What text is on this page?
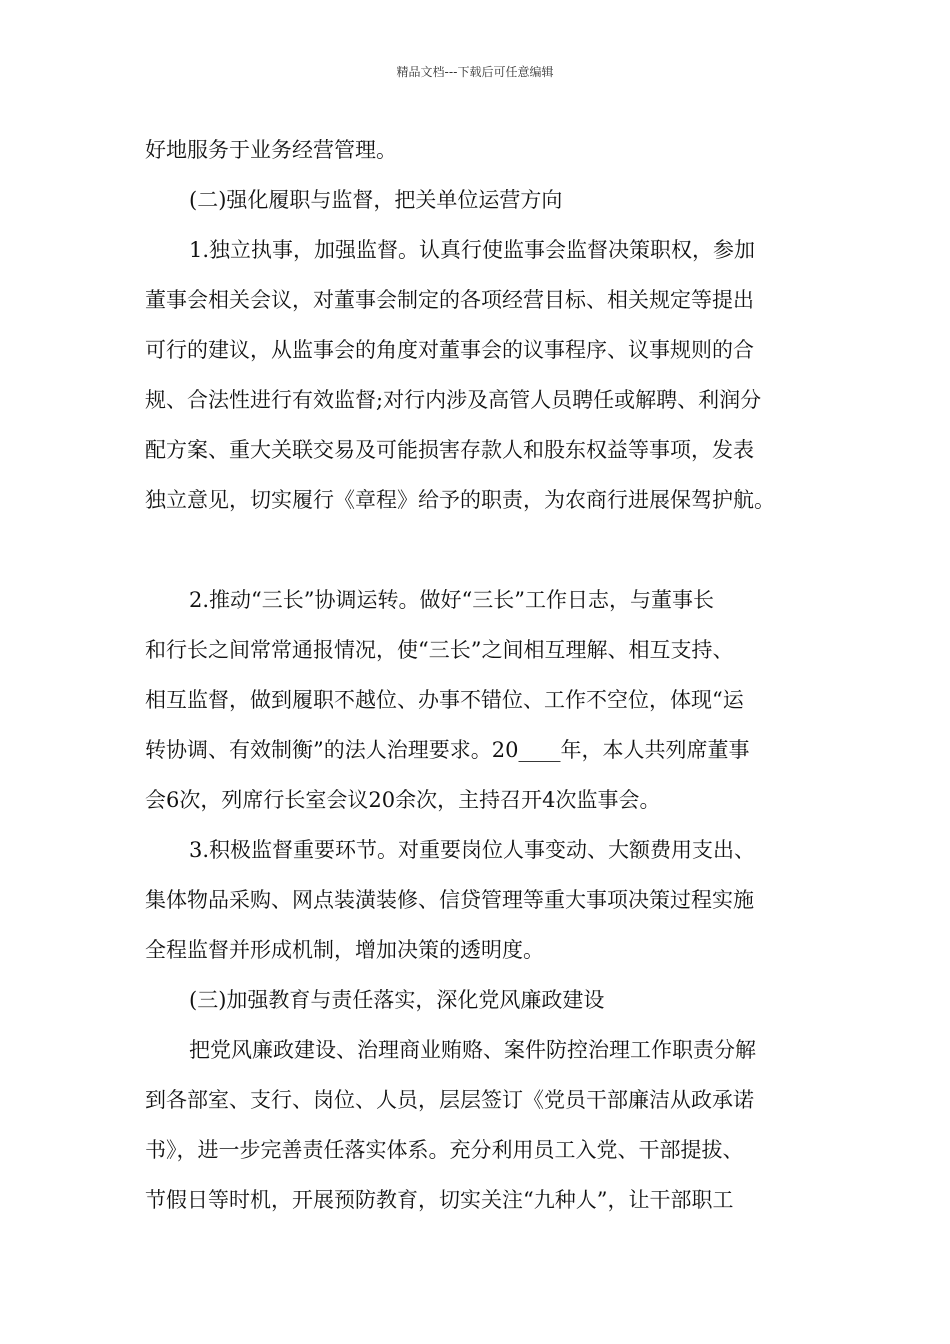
精品文档---下载后可任意编辑
好地服务于业务经营管理。
(二)强化履职与监督，把关单位运营方向
1.独立执事，加强监督。认真行使监事会监督决策职权，参加
董事会相关会议，对董事会制定的各项经营目标、相关规定等提出
可行的建议，从监事会的角度对董事会的议事程序、议事规则的合
规、合法性进行有效监督;对行内涉及高管人员聘任或解聘、利润分
配方案、重大关联交易及可能损害存款人和股东权益等事项，发表
独立意见，切实履行《章程》给予的职责，为农商行进展保驾护航。
2.推动“三长”协调运转。做好“三长”工作日志，与董事长
和行长之间常常通报情况，使“三长”之间相互理解、相互支持、
相互监督，做到履职不越位、办事不错位、工作不空位，体现“运
转协调、有效制衡”的法人治理要求。20____年，本人共列席董事
会6次，列席行长室会议20余次，主持召开4次监事会。
3.积极监督重要环节。对重要岗位人事变动、大额费用支出、
集体物品采购、网点装潢装修、信贷管理等重大事项决策过程实施
全程监督并形成机制，增加决策的透明度。
(三)加强教育与责任落实，深化党风廉政建设
把党风廉政建设、治理商业贿赂、案件防控治理工作职责分解
到各部室、支行、岗位、人员，层层签订《党员干部廉洁从政承诺
书》，进一步完善责任落实体系。充分利用员工入党、干部提拔、
节假日等时机，开展预防教育，切实关注“九种人”，让干部职工
